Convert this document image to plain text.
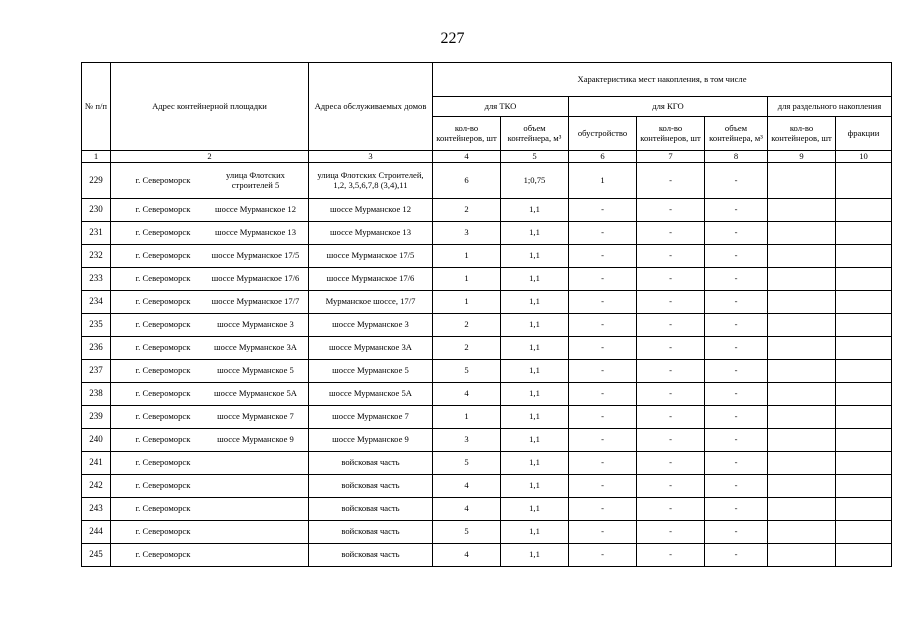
227
№ п/п	Адрес контейнерной площадки	Адреса обслуживаемых домов	Характеристика мест накопления, в том числе						
			для ТКО		для КГО			для раздельного накопления	
			кол-во контейнеров, шт	объем контейнера, м³	обустройство	кол-во контейнеров, шт	объем контейнера, м³	кол-во контейнеров, шт	фракции
1	2	3	4	5	6	7	8	9	10
229	г. Североморск улица Флотских строителей 5	улица Флотских Строителей, 1,2, 3,5,6,7,8 (3,4),11	6	1;0,75	1	-	-		
230	г. Североморск шоссе Мурманское 12	шоссе Мурманское 12	2	1,1	-	-	-		
231	г. Североморск шоссе Мурманское 13	шоссе Мурманское 13	3	1,1	-	-	-		
232	г. Североморск шоссе Мурманское 17/5	шоссе Мурманское 17/5	1	1,1	-	-	-		
233	г. Североморск шоссе Мурманское 17/6	шоссе Мурманское 17/6	1	1,1	-	-	-		
234	г. Североморск шоссе Мурманское 17/7	Мурманское шоссе, 17/7	1	1,1	-	-	-		
235	г. Североморск шоссе Мурманское 3	шоссе Мурманское 3	2	1,1	-	-	-		
236	г. Североморск шоссе Мурманское 3А	шоссе Мурманское 3А	2	1,1	-	-	-		
237	г. Североморск шоссе Мурманское 5	шоссе Мурманское 5	5	1,1	-	-	-		
238	г. Североморск шоссе Мурманское 5А	шоссе Мурманское 5А	4	1,1	-	-	-		
239	г. Североморск шоссе Мурманское 7	шоссе Мурманское 7	1	1,1	-	-	-		
240	г. Североморск шоссе Мурманское 9	шоссе Мурманское 9	3	1,1	-	-	-		
241	г. Североморск	войсковая часть	5	1,1	-	-	-		
242	г. Североморск	войсковая часть	4	1,1	-	-	-		
243	г. Североморск	войсковая часть	4	1,1	-	-	-		
244	г. Североморск	войсковая часть	5	1,1	-	-	-		
245	г. Североморск	войсковая часть	4	1,1	-	-	-		
